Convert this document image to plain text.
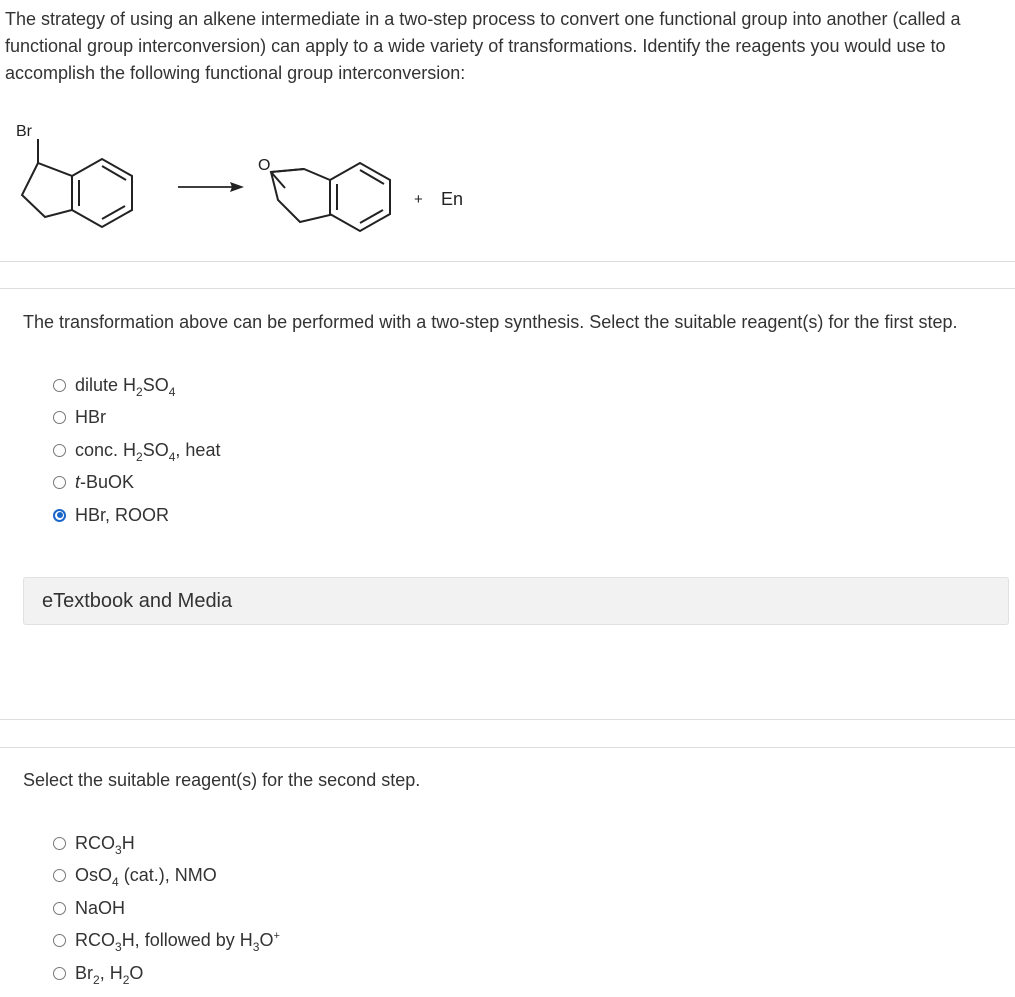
The strategy of using an alkene intermediate in a two-step process to convert one functional group into another (called a
functional group interconversion) can apply to a wide variety of transformations. Identify the reagents you would use to
accomplish the following functional group interconversion:
Br
O
+ En
The transformation above can be performed with a two-step synthesis. Select the suitable reagent(s) for the first step.
dilute $H_2SO_4$
HBr
conc. $H_2SO_4$, heat
t-BuOK
HBr, ROOR
eTextbook and Media
Select the suitable reagent(s) for the second step.
$RCO_3H$
OsO$_4$ (cat.), NMO
NaOH
$RCO_3H$, followed by $H_3O^+$
$Br_2$, $H_2O$
